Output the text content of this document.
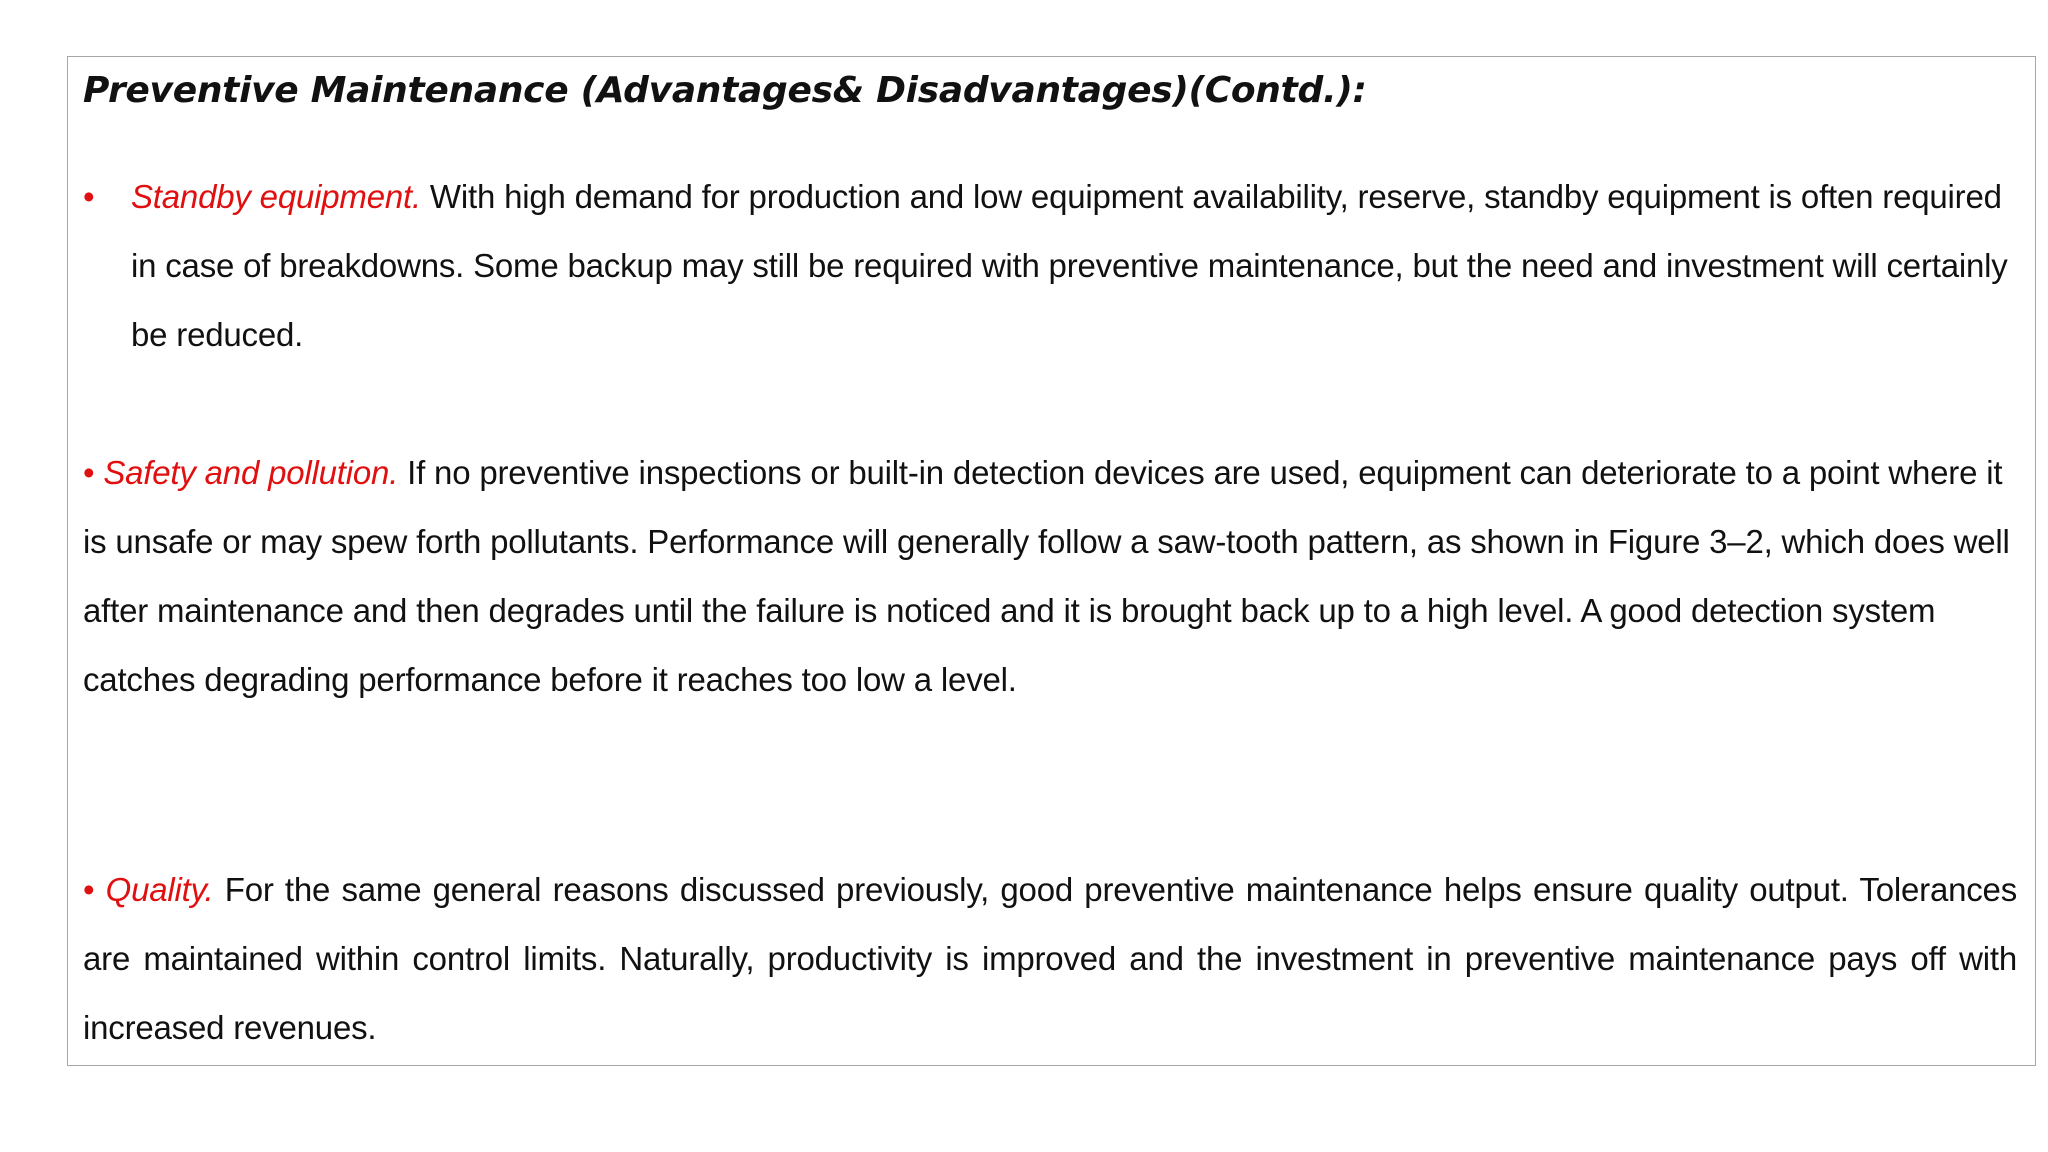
Preventive Maintenance (Advantages& Disadvantages)(Contd.):
• Standby equipment. With high demand for production and low equipment availability, reserve, standby equipment is often required in case of breakdowns. Some backup may still be required with preventive maintenance, but the need and investment will certainly be reduced.

• Safety and pollution. If no preventive inspections or built-in detection devices are used, equipment can deteriorate to a point where it is unsafe or may spew forth pollutants. Performance will generally follow a saw-tooth pattern, as shown in Figure 3–2, which does well after maintenance and then degrades until the failure is noticed and it is brought back up to a high level. A good detection system catches degrading performance before it reaches too low a level.

• Quality. For the same general reasons discussed previously, good preventive maintenance helps ensure quality output. Tolerances are maintained within control limits. Naturally, productivity is improved and the investment in preventive maintenance pays off with increased revenues.
